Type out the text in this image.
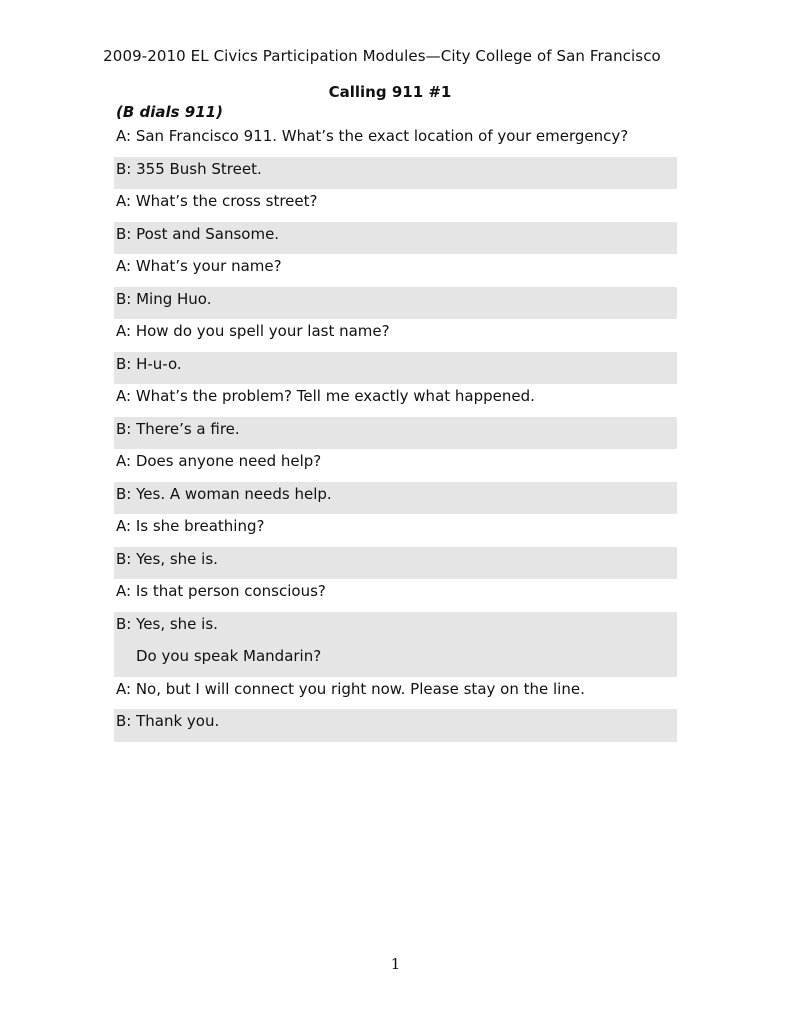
2009-2010 EL Civics Participation Modules—City College of San Francisco
Calling 911 #1
(B dials 911)
A: San Francisco 911. What’s the exact location of your emergency?
B: 355 Bush Street.
A: What’s the cross street?
B: Post and Sansome.
A: What’s your name?
B: Ming Huo.
A: How do you spell your last name?
B: H-u-o.
A: What’s the problem? Tell me exactly what happened.
B: There’s a fire.
A: Does anyone need help?
B: Yes. A woman needs help.
A: Is she breathing?
B: Yes, she is.
A: Is that person conscious?
B: Yes, she is.
Do you speak Mandarin?
A: No, but I will connect you right now. Please stay on the line.
B: Thank you.
1
